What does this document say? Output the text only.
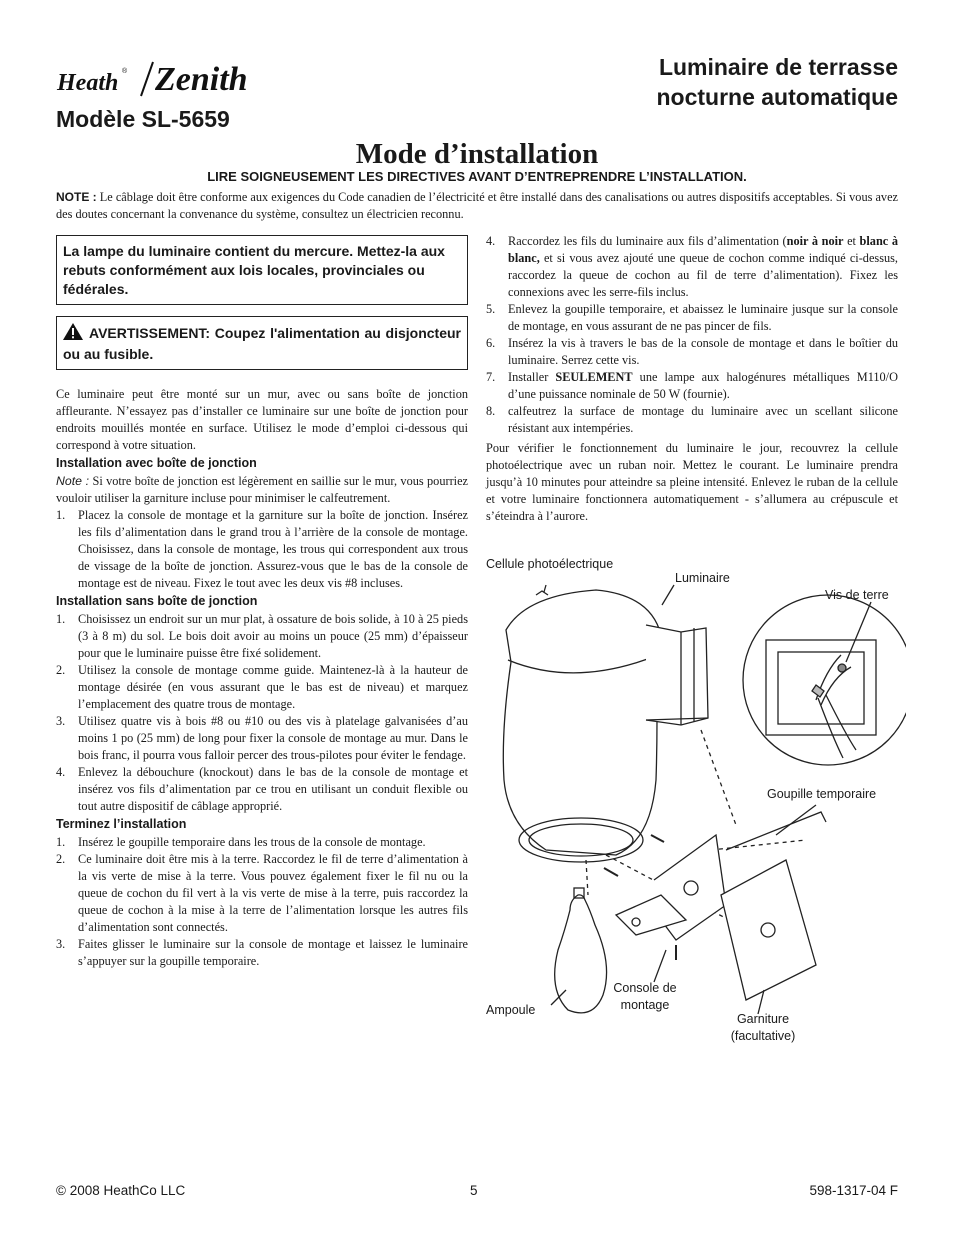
Heath ® Zenith	Luminaire de terrasse
nocturne automatique
Modèle SL-5659
Mode d’installation
LIRE SOIGNEUSEMENT LES DIRECTIVES AVANT D’ENTREPRENDRE L’INSTALLATION.
NOTE : Le câblage doit être conforme aux exigences du Code canadien de l’électricité et être installé dans des canalisations ou autres dispositifs acceptables. Si vous avez des doutes concernant la convenance du système, consultez un électricien reconnu.
La lampe du luminaire contient du mercure. Mettez-la aux rebuts conformément aux lois locales, provinciales ou fédérales.
AVERTISSEMENT: Coupez l'alimentation au disjoncteur ou au fusible.

Ce luminaire peut être monté sur un mur, avec ou sans boîte de jonction affleurante. N’essayez pas d’installer ce luminaire sur une boîte de jonction pour endroits mouillés montée en surface. Utilisez le mode d’emploi ci-dessous qui correspond à votre situation.

Installation avec boîte de jonction

Note : Si votre boîte de jonction est légèrement en saillie sur le mur, vous pourriez vouloir utiliser la garniture incluse pour minimiser le calfeutrement.

1. Placez la console de montage et la garniture sur la boîte de jonction. Insérez les fils d’alimentation dans le grand trou à l’arrière de la console de montage. Choisissez, dans la console de montage, les trous qui correspondent aux trous de vissage de la boîte de jonction. Assurez-vous que le bas de la console de montage est de niveau. Fixez le tout avec les deux vis #8 incluses.

Installation sans boîte de jonction

1. Choisissez un endroit sur un mur plat, à ossature de bois solide, à 10 à 25 pieds (3 à 8 m) du sol. Le bois doit avoir au moins un pouce (25 mm) d’épaisseur pour que le luminaire puisse être fixé solidement.
2. Utilisez la console de montage comme guide. Maintenez-là à la hauteur de montage désirée (en vous assurant que le bas est de niveau) et marquez l’emplacement des quatre trous de montage.
3. Utilisez quatre vis à bois #8 ou #10 ou des vis à platelage galvanisées d’au moins 1 po (25 mm) de long pour fixer la console de montage au mur. Dans le bois franc, il pourra vous falloir percer des trous-pilotes pour éviter le fendage.
4. Enlevez la débouchure (knockout) dans le bas de la console de montage et insérez vos fils d’alimentation par ce trou en utilisant un conduit flexible ou tout autre dispositif de câblage approprié.

Terminez l’installation

1. Insérez le goupille temporaire dans les trous de la console de montage.
2. Ce luminaire doit être mis à la terre. Raccordez le fil de terre d’alimentation à la vis verte de mise à la terre. Vous pouvez également fixer le fil nu ou la queue de cochon du fil vert à la vis verte de mise à la terre, puis raccordez la queue de cochon à la mise à la terre de l’alimentation lorsque les autres fils d’alimentation sont connectés.
3. Faites glisser le luminaire sur la console de montage et laissez le luminaire s’appuyer sur la goupille temporaire.
4. Raccordez les fils du luminaire aux fils d’alimentation (noir à noir et blanc à blanc, et si vous avez ajouté une queue de cochon comme indiqué ci-dessus, raccordez la queue de cochon au fil de terre d’alimentation). Fixez les connexions avec les serre-fils inclus.
5. Enlevez la goupille temporaire, et abaissez le luminaire jusque sur la console de montage, en vous assurant de ne pas pincer de fils.
6. Insérez la vis à travers le bas de la console de montage et dans le boîtier du luminaire. Serrez cette vis.
7. Installer SEULEMENT une lampe aux halogénures métalliques M110/O d’une puissance nominale de 50 W (fournie).
8. calfeutrez la surface de montage du luminaire avec un scellant silicone résistant aux intempéries.

Pour vérifier le fonctionnement du luminaire le jour, recouvrez la cellule photoélectrique avec un ruban noir. Mettez le courant. Le luminaire prendra jusqu’à 10 minutes pour atteindre sa pleine intensité. Enlevez le ruban de la cellule et votre luminaire fonctionnera automatiquement - s’allumera au crépuscule et s’éteindra à l’aurore.

Cellule photoélectrique
Luminaire
Vis de terre
Goupille temporaire
Console de
montage
Ampoule
Garniture
(facultative)
© 2008 HeathCo LLC	5	598-1317-04 F
